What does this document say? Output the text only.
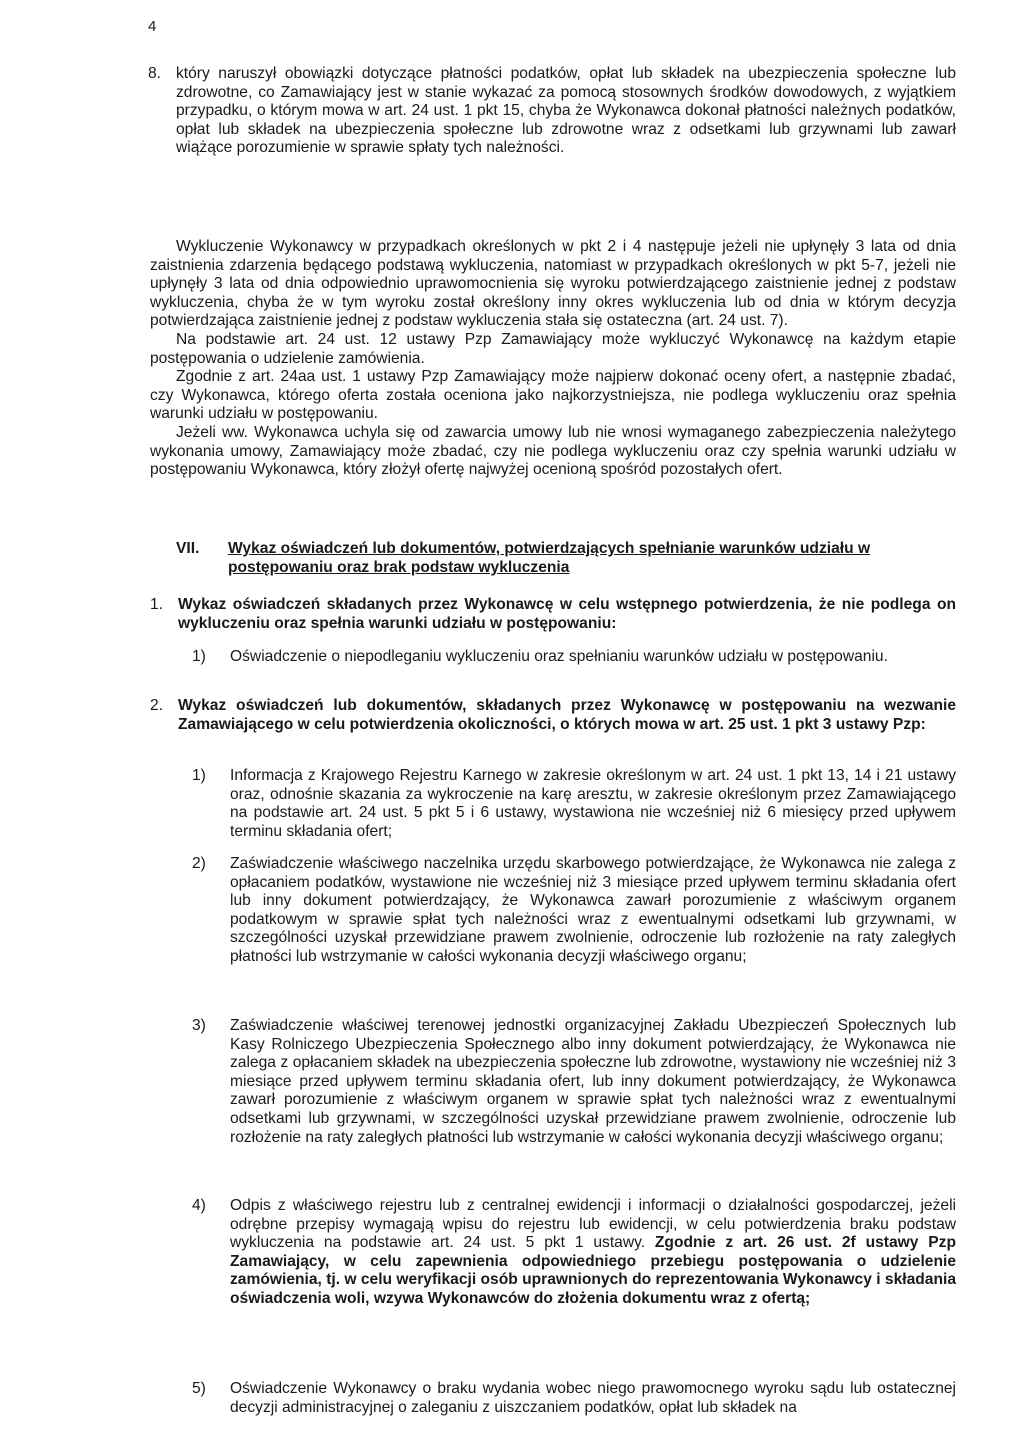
4
8. który naruszył obowiązki dotyczące płatności podatków, opłat lub składek na ubezpieczenia społeczne lub zdrowotne, co Zamawiający jest w stanie wykazać za pomocą stosownych środków dowodowych, z wyjątkiem przypadku, o którym mowa w art. 24 ust. 1 pkt 15, chyba że Wykonawca dokonał płatności należnych podatków, opłat lub składek na ubezpieczenia społeczne lub zdrowotne wraz z odsetkami lub grzywnami lub zawarł wiążące porozumienie w sprawie spłaty tych należności.

Wykluczenie Wykonawcy w przypadkach określonych w pkt 2 i 4 następuje jeżeli nie upłynęły 3 lata od dnia zaistnienia zdarzenia będącego podstawą wykluczenia, natomiast w przypadkach określonych w pkt 5-7, jeżeli nie upłynęły 3 lata od dnia odpowiednio uprawomocnienia się wyroku potwierdzającego zaistnienie jednej z podstaw wykluczenia, chyba że w tym wyroku został określony inny okres wykluczenia lub od dnia w którym decyzja potwierdzająca zaistnienie jednej z podstaw wykluczenia stała się ostateczna (art. 24 ust. 7).

Na podstawie art. 24 ust. 12 ustawy Pzp Zamawiający może wykluczyć Wykonawcę na każdym etapie postępowania o udzielenie zamówienia.

Zgodnie z art. 24aa ust. 1 ustawy Pzp Zamawiający może najpierw dokonać oceny ofert, a następnie zbadać, czy Wykonawca, którego oferta została oceniona jako najkorzystniejsza, nie podlega wykluczeniu oraz spełnia warunki udziału w postępowaniu.

Jeżeli ww. Wykonawca uchyla się od zawarcia umowy lub nie wnosi wymaganego zabezpieczenia należytego wykonania umowy, Zamawiający może zbadać, czy nie podlega wykluczeniu oraz czy spełnia warunki udziału w postępowaniu Wykonawca, który złożył ofertę najwyżej ocenioną spośród pozostałych ofert.

VII. Wykaz oświadczeń lub dokumentów, potwierdzających spełnianie warunków udziału w postępowaniu oraz brak podstaw wykluczenia
1. Wykaz oświadczeń składanych przez Wykonawcę w celu wstępnego potwierdzenia, że nie podlega on wykluczeniu oraz spełnia warunki udziału w postępowaniu:
1) Oświadczenie o niepodleganiu wykluczeniu oraz spełnianiu warunków udziału w postępowaniu.

2. Wykaz oświadczeń lub dokumentów, składanych przez Wykonawcę w postępowaniu na wezwanie Zamawiającego w celu potwierdzenia okoliczności, o których mowa w art. 25 ust. 1 pkt 3 ustawy Pzp:
1) Informacja z Krajowego Rejestru Karnego w zakresie określonym w art. 24 ust. 1 pkt 13, 14 i 21 ustawy oraz, odnośnie skazania za wykroczenie na karę aresztu, w zakresie określonym przez Zamawiającego na podstawie art. 24 ust. 5 pkt 5 i 6 ustawy, wystawiona nie wcześniej niż 6 miesięcy przed upływem terminu składania ofert;

2) Zaświadczenie właściwego naczelnika urzędu skarbowego potwierdzające, że Wykonawca nie zalega z opłacaniem podatków, wystawione nie wcześniej niż 3 miesiące przed upływem terminu składania ofert lub inny dokument potwierdzający, że Wykonawca zawarł porozumienie z właściwym organem podatkowym w sprawie spłat tych należności wraz z ewentualnymi odsetkami lub grzywnami, w szczególności uzyskał przewidziane prawem zwolnienie, odroczenie lub rozłożenie na raty zaległych płatności lub wstrzymanie w całości wykonania decyzji właściwego organu;

3) Zaświadczenie właściwej terenowej jednostki organizacyjnej Zakładu Ubezpieczeń Społecznych lub Kasy Rolniczego Ubezpieczenia Społecznego albo inny dokument potwierdzający, że Wykonawca nie zalega z opłacaniem składek na ubezpieczenia społeczne lub zdrowotne, wystawiony nie wcześniej niż 3 miesiące przed upływem terminu składania ofert, lub inny dokument potwierdzający, że Wykonawca zawarł porozumienie z właściwym organem w sprawie spłat tych należności wraz z ewentualnymi odsetkami lub grzywnami, w szczególności uzyskał przewidziane prawem zwolnienie, odroczenie lub rozłożenie na raty zaległych płatności lub wstrzymanie w całości wykonania decyzji właściwego organu;

4) Odpis z właściwego rejestru lub z centralnej ewidencji i informacji o działalności gospodarczej, jeżeli odrębne przepisy wymagają wpisu do rejestru lub ewidencji, w celu potwierdzenia braku podstaw wykluczenia na podstawie art. 24 ust. 5 pkt 1 ustawy. Zgodnie z art. 26 ust. 2f ustawy Pzp Zamawiający, w celu zapewnienia odpowiedniego przebiegu postępowania o udzielenie zamówienia, tj. w celu weryfikacji osób uprawnionych do reprezentowania Wykonawcy i składania oświadczenia woli, wzywa Wykonawców do złożenia dokumentu wraz z ofertą;

5) Oświadczenie Wykonawcy o braku wydania wobec niego prawomocnego wyroku sądu lub ostatecznej decyzji administracyjnej o zaleganiu z uiszczaniem podatków, opłat lub składek na
